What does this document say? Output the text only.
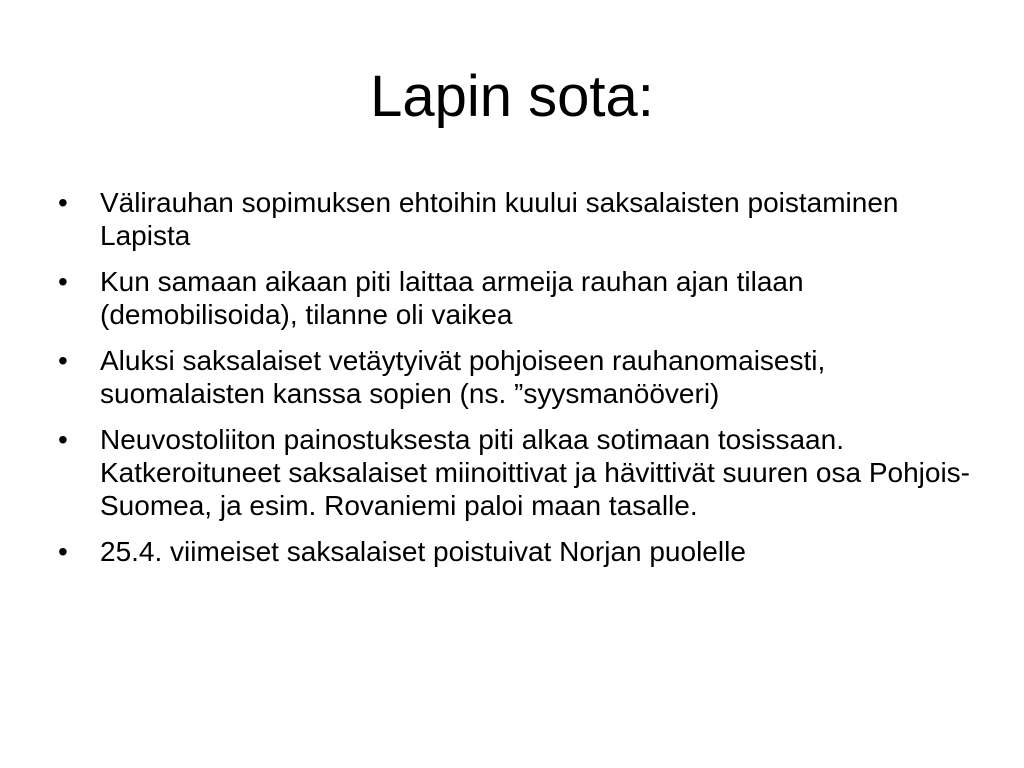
Lapin sota:
•	Välirauhan sopimuksen ehtoihin kuului saksalaisten poistaminen Lapista
•	Kun samaan aikaan piti laittaa armeija rauhan ajan tilaan (demobilisoida), tilanne oli vaikea
•	Aluksi saksalaiset vetäytyivät pohjoiseen rauhanomaisesti, suomalaisten kanssa sopien (ns. ”syysmanööveri)
•	Neuvostoliiton painostuksesta piti alkaa sotimaan tosissaan. Katkeroituneet saksalaiset miinoittivat ja hävittivät suuren osa Pohjois-Suomea, ja esim. Rovaniemi paloi maan tasalle.
•	25.4. viimeiset saksalaiset poistuivat Norjan puolelle
